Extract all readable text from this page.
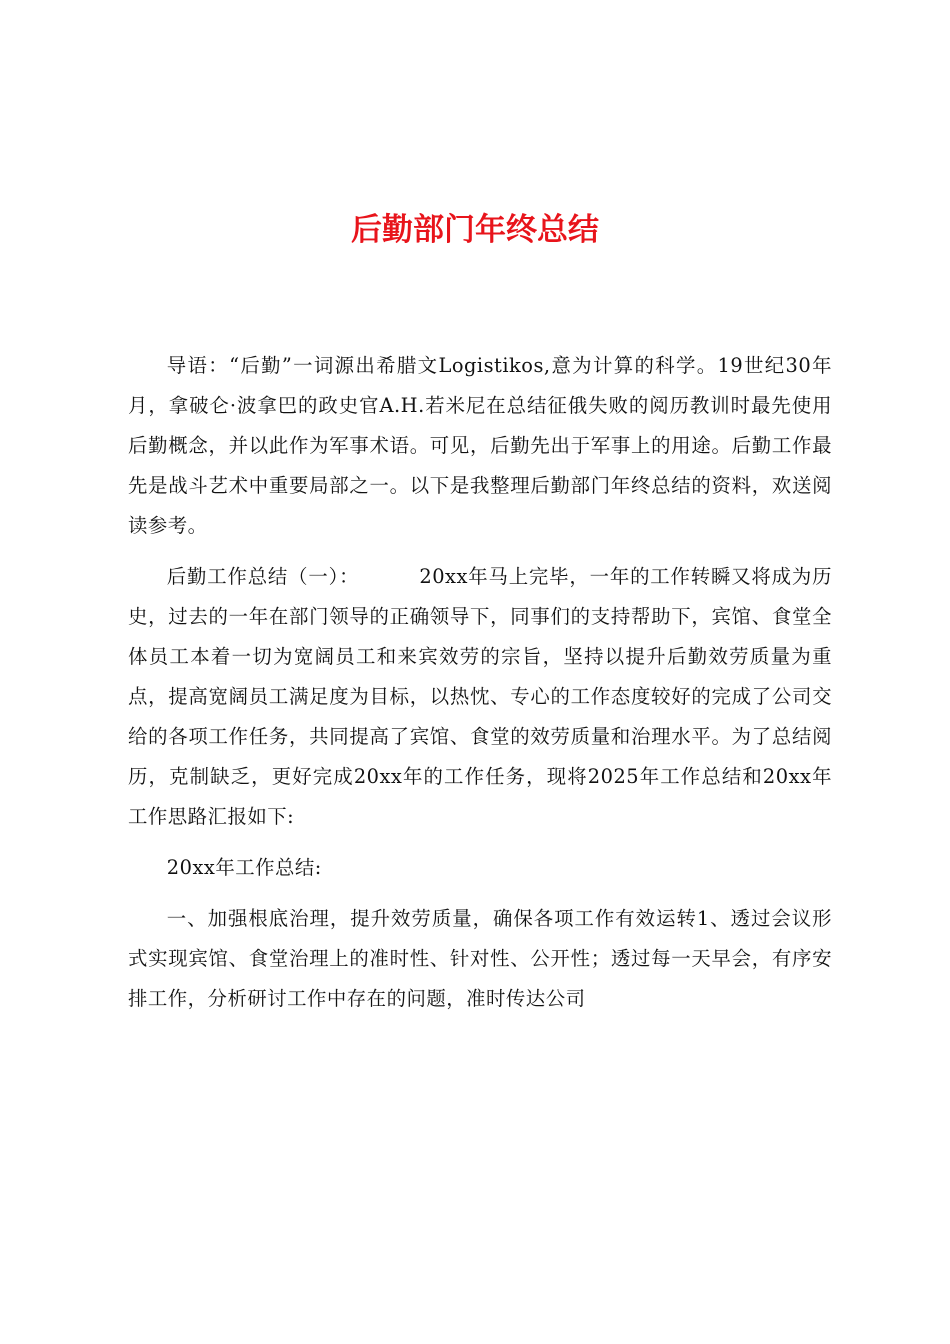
后勤部门年终总结

导语：“后勤”一词源出希腊文Logistikos,意为计算的科学。19世纪30年月，拿破仑·波拿巴的政史官A.H.若米尼在总结征俄失败的阅历教训时最先使用后勤概念，并以此作为军事术语。可见，后勤先出于军事上的用途。后勤工作最先是战斗艺术中重要局部之一。以下是我整理后勤部门年终总结的资料，欢送阅读参考。

后勤工作总结（一）：	20xx年马上完毕，一年的工作转瞬又将成为历史，过去的一年在部门领导的正确领导下，同事们的支持帮助下，宾馆、食堂全体员工本着一切为宽阔员工和来宾效劳的宗旨，坚持以提升后勤效劳质量为重点，提高宽阔员工满足度为目标，以热忱、专心的工作态度较好的完成了公司交给的各项工作任务，共同提高了宾馆、食堂的效劳质量和治理水平。为了总结阅历，克制缺乏，更好完成20xx年的工作任务，现将2025年工作总结和20xx年工作思路汇报如下:

20xx年工作总结:

一、加强根底治理，提升效劳质量，确保各项工作有效运转1、透过会议形式实现宾馆、食堂治理上的准时性、针对性、公开性；透过每一天早会，有序安排工作，分析研讨工作中存在的问题，准时传达公司
